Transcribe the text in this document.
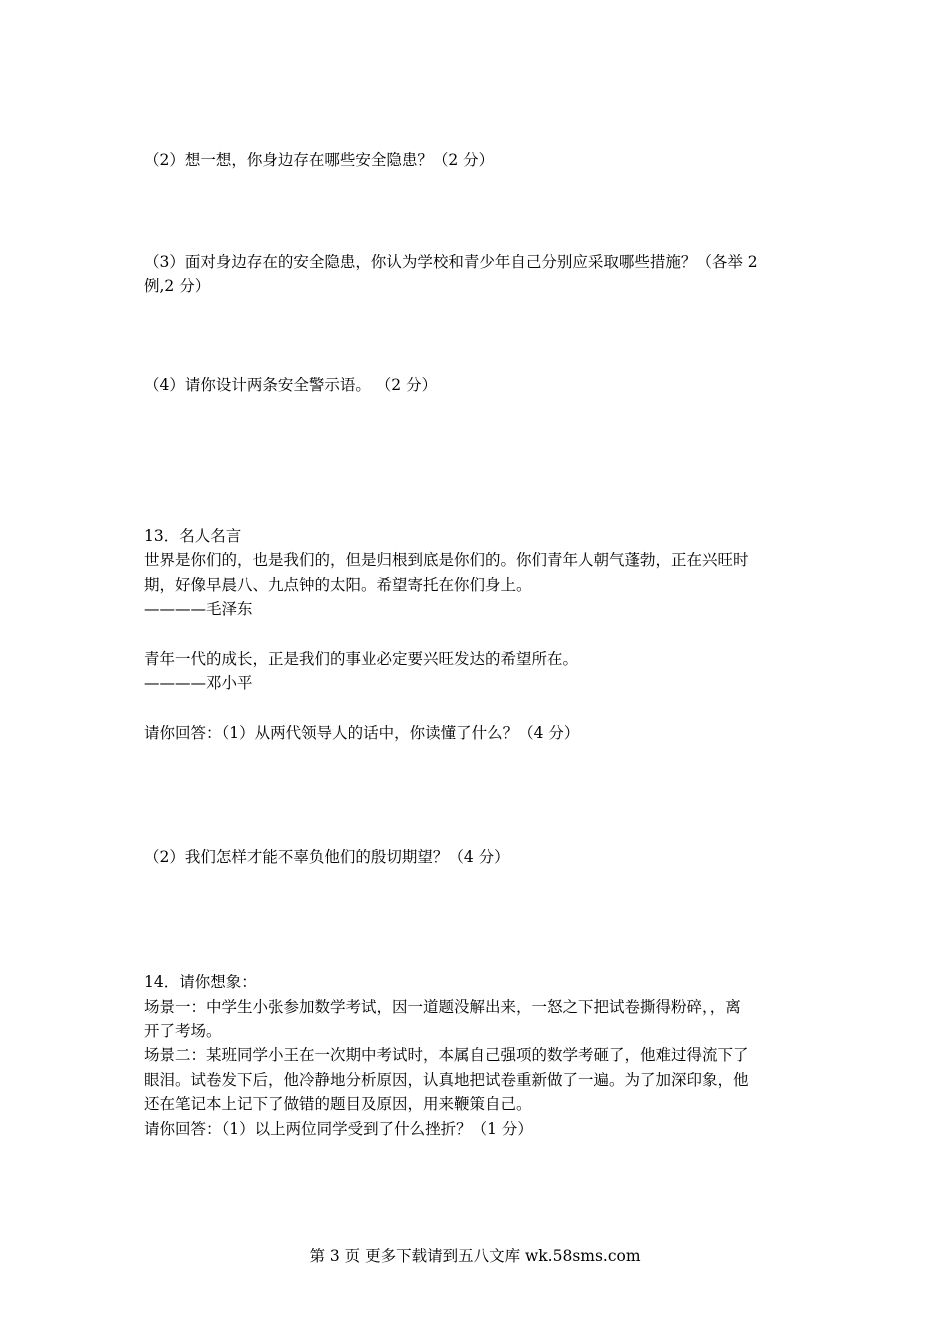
（2）想一想，你身边存在哪些安全隐患？（2 分）
（3）面对身边存在的安全隐患，你认为学校和青少年自己分别应采取哪些措施？（各举 2
例,2 分）
（4）请你设计两条安全警示语。 （2 分）
13．名人名言
世界是你们的，也是我们的，但是归根到底是你们的。你们青年人朝气蓬勃，正在兴旺时
期，好像早晨八、九点钟的太阳。希望寄托在你们身上。
————毛泽东
青年一代的成长，正是我们的事业必定要兴旺发达的希望所在。
————邓小平
请你回答：（1）从两代领导人的话中，你读懂了什么？（4 分）
（2）我们怎样才能不辜负他们的殷切期望？（4 分）
14．请你想象：
场景一：中学生小张参加数学考试，因一道题没解出来，一怒之下把试卷撕得粉碎，，离
开了考场。
场景二：某班同学小王在一次期中考试时，本属自己强项的数学考砸了，他难过得流下了
眼泪。试卷发下后，他冷静地分析原因，认真地把试卷重新做了一遍。为了加深印象，他
还在笔记本上记下了做错的题目及原因，用来鞭策自己。
请你回答：（1）以上两位同学受到了什么挫折？（1 分）
第 3 页 更多下载请到五八文库 wk.58sms.com
